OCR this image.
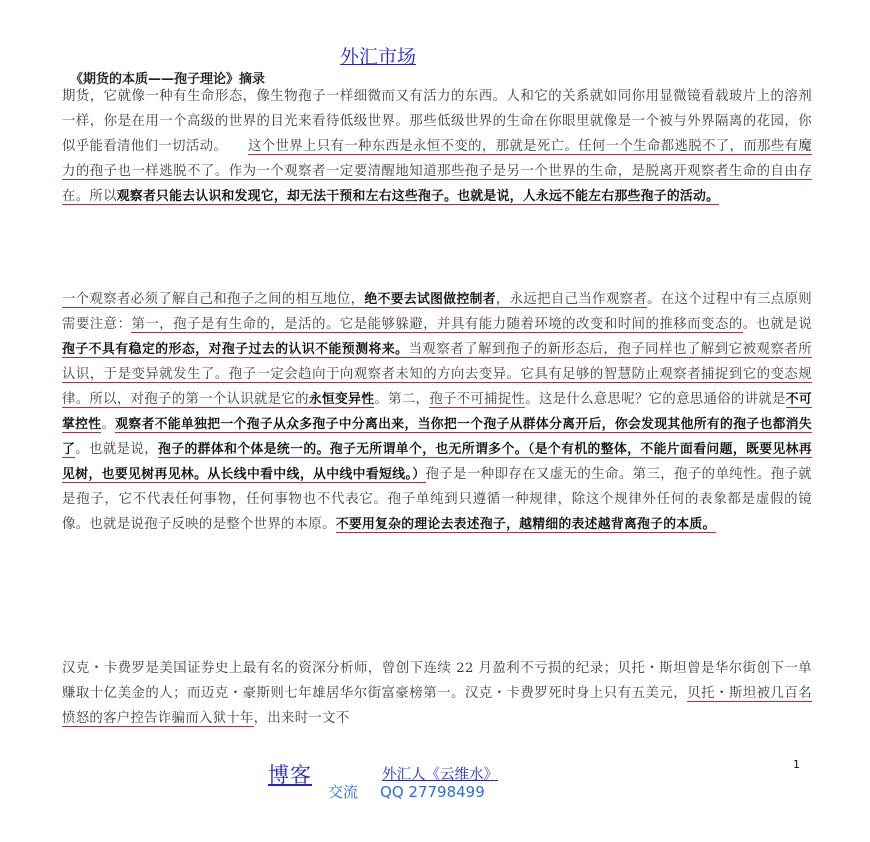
外汇市场
《期货的本质——孢子理论》摘录
期货，它就像一种有生命形态，像生物孢子一样细微而又有活力的东西。人和它的关系就如同你用显微镜看载玻片上的溶剂一样，你是在用一个高级的世界的目光来看待低级世界。那些低级世界的生命在你眼里就像是一个被与外界隔离的花园，你似乎能看清他们一切活动。　　这个世界上只有一种东西是永恒不变的，那就是死亡。任何一个生命都逃脱不了，而那些有魔力的孢子也一样逃脱不了。作为一个观察者一定要清醒地知道那些孢子是另一个世界的生命，是脱离开观察者生命的自由存在。所以观察者只能去认识和发现它，却无法干预和左右这些孢子。也就是说，人永远不能左右那些孢子的活动。
一个观察者必须了解自己和孢子之间的相互地位，绝不要去试图做控制者，永远把自己当作观察者。在这个过程中有三点原则需要注意：第一，孢子是有生命的，是活的。它是能够躲避，并具有能力随着环境的改变和时间的推移而变态的。也就是说孢子不具有稳定的形态，对孢子过去的认识不能预测将来。当观察者了解到孢子的新形态后，孢子同样也了解到它被观察者所认识，于是变异就发生了。孢子一定会趋向于向观察者未知的方向去变异。它具有足够的智慧防止观察者捕捉到它的变态规律。所以，对孢子的第一个认识就是它的永恒变异性。第二，孢子不可捕捉性。这是什么意思呢？它的意思通俗的讲就是不可掌控性。观察者不能单独把一个孢子从众多孢子中分离出来，当你把一个孢子从群体分离开后，你会发现其他所有的孢子也都消失了。也就是说，孢子的群体和个体是统一的。孢子无所谓单个，也无所谓多个。（是个有机的整体，不能片面看问题，既要见林再见树，也要见树再见林。从长线中看中线，从中线中看短线。）孢子是一种即存在又虚无的生命。第三，孢子的单纯性。孢子就是孢子，它不代表任何事物，任何事物也不代表它。孢子单纯到只遵循一种规律，除这个规律外任何的表象都是虚假的镜像。也就是说孢子反映的是整个世界的本原。不要用复杂的理论去表述孢子，越精细的表述越背离孢子的本质。
汉克・卡费罗是美国证券史上最有名的资深分析师，曾创下连续 22 月盈利不亏损的纪录；贝托・斯坦曾是华尔街创下一单赚取十亿美金的人；而迈克・豪斯则七年雄居华尔街富豪榜第一。汉克・卡费罗死时身上只有五美元，贝托・斯坦被几百名愤怒的客户控告诈骗而入狱十年，出来时一文不
博客	外汇人《云维水》
交流 QQ 27798499
1
